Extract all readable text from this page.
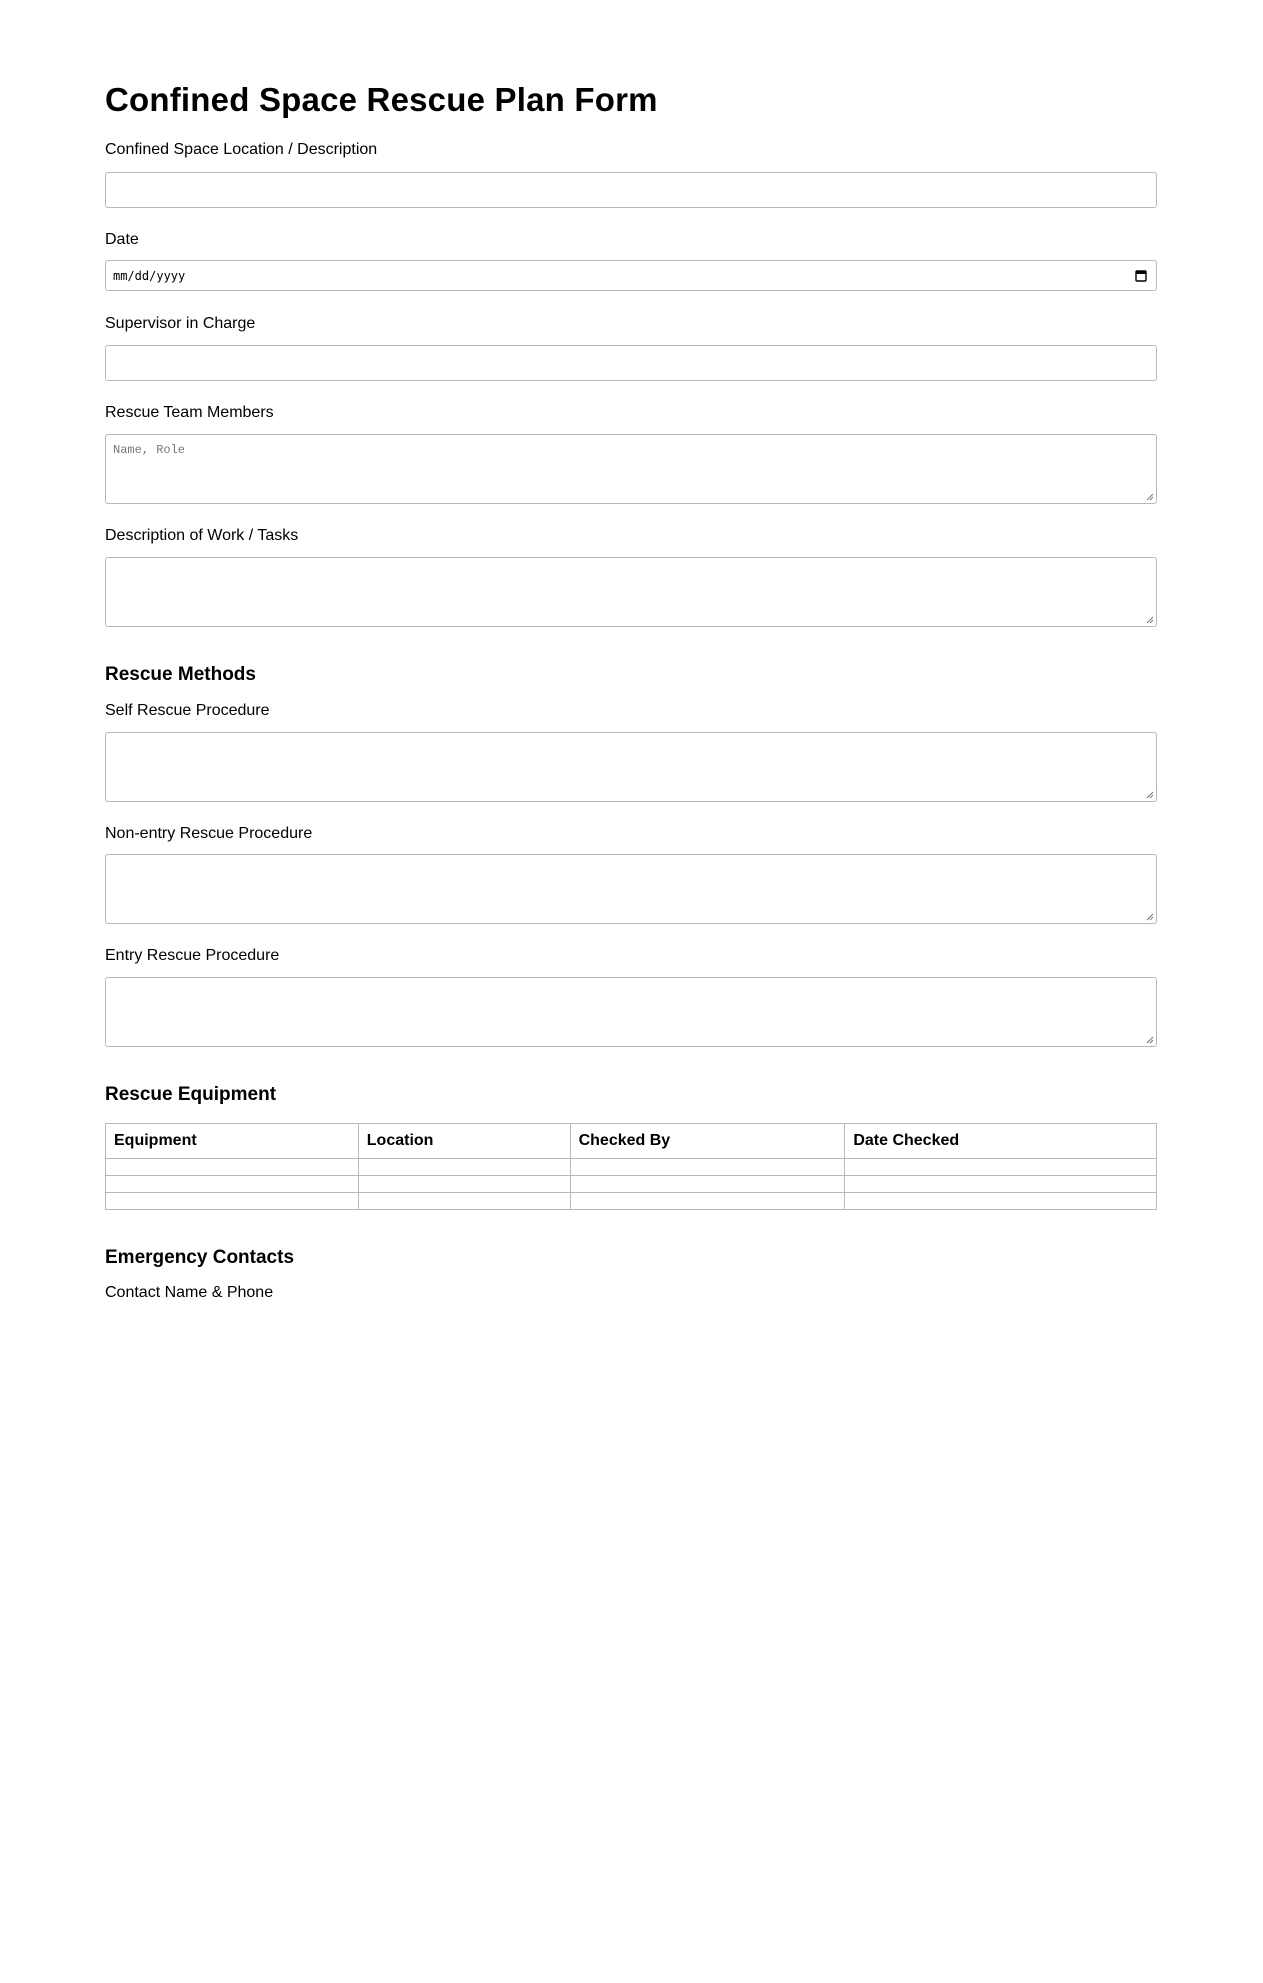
Confined Space Rescue Plan Form
Confined Space Location / Description
Date
mm/dd/yyyy
Supervisor in Charge
Rescue Team Members
Name, Role
Description of Work / Tasks
Rescue Methods
Self Rescue Procedure
Non-entry Rescue Procedure
Entry Rescue Procedure
Rescue Equipment
Equipment	Location	Checked By	Date Checked

Emergency Contacts
Contact Name & Phone
